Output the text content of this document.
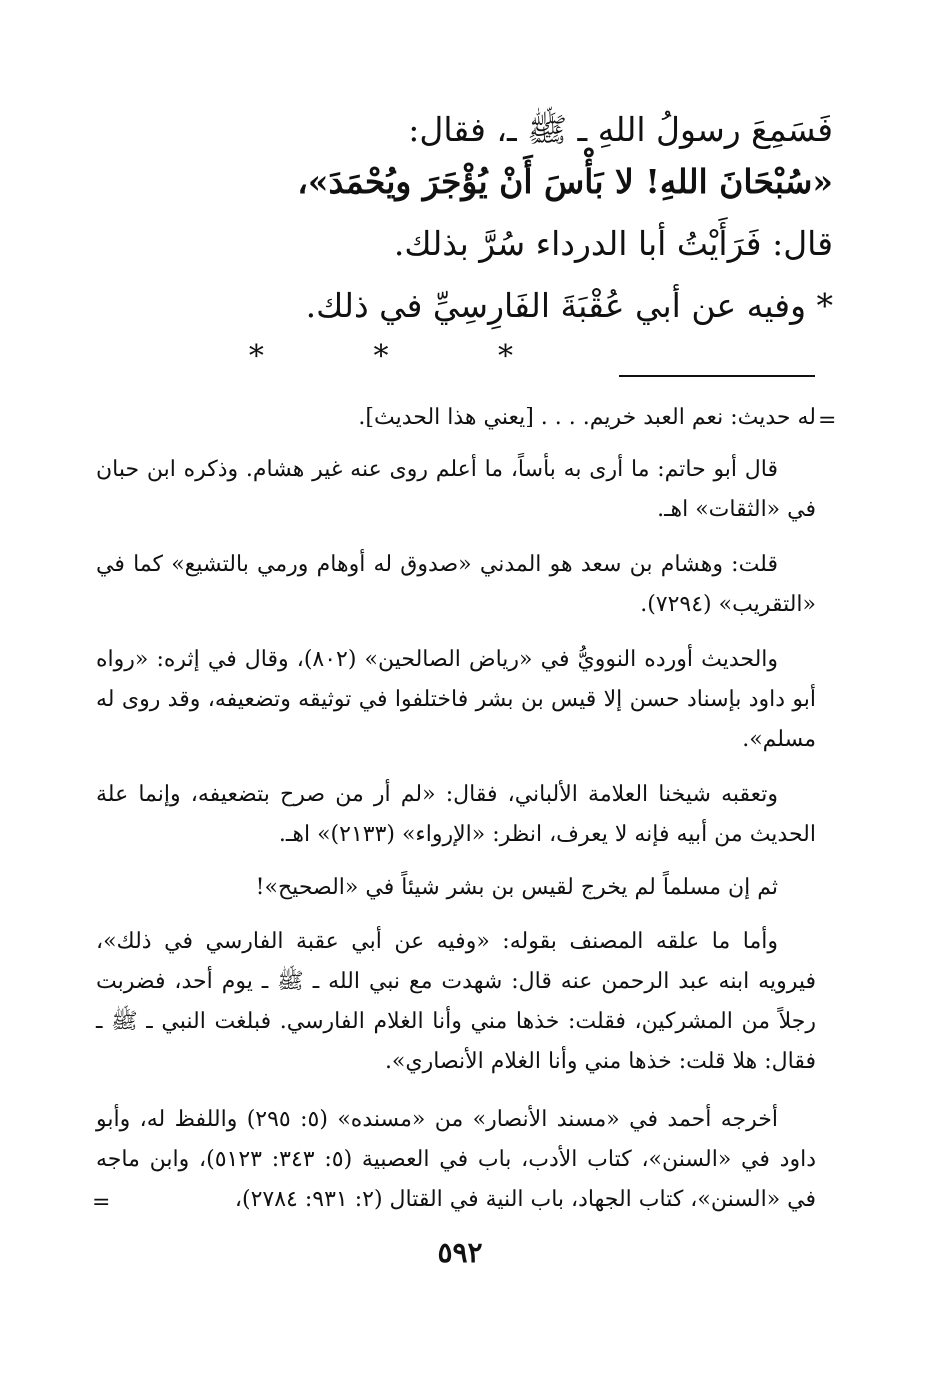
فَسَمِعَ رسولُ اللهِ ـ ﷺ ـ، فقال:
«سُبْحَانَ اللهِ! لا بَأْسَ أَنْ يُؤْجَرَ ويُحْمَدَ»،
قال: فَرَأَيْتُ أبا الدرداء سُرَّ بذلك.
* وفيه عن أبي عُقْبَةَ الفَارِسِيِّ في ذلك.
* * *
=
له حديث: نعم العبد خريم. . . . [يعني هذا الحديث].
قال أبو حاتم: ما أرى به بأساً، ما أعلم روى عنه غير هشام. وذكره ابن حبان في «الثقات» اهـ.
قلت: وهشام بن سعد هو المدني «صدوق له أوهام ورمي بالتشيع» كما في «التقريب» (٧٢٩٤).
والحديث أورده النوويُّ في «رياض الصالحين» (٨٠٢)، وقال في إثره: «رواه أبو داود بإسناد حسن إلا قيس بن بشر فاختلفوا في توثيقه وتضعيفه، وقد روى له مسلم».
وتعقبه شيخنا العلامة الألباني، فقال: «لم أر من صرح بتضعيفه، وإنما علة الحديث من أبيه فإنه لا يعرف، انظر: «الإرواء» (٢١٣٣)» اهـ.
ثم إن مسلماً لم يخرج لقيس بن بشر شيئاً في «الصحيح»!
وأما ما علقه المصنف بقوله: «وفيه عن أبي عقبة الفارسي في ذلك»، فيرويه ابنه عبد الرحمن عنه قال: شهدت مع نبي الله ـ ﷺ ـ يوم أحد، فضربت رجلاً من المشركين، فقلت: خذها مني وأنا الغلام الفارسي. فبلغت النبي ـ ﷺ ـ فقال: هلا قلت: خذها مني وأنا الغلام الأنصاري».
أخرجه أحمد في «مسند الأنصار» من «مسنده» (٥: ٢٩٥) واللفظ له، وأبو داود في «السنن»، كتاب الأدب، باب في العصبية (٥: ٣٤٣: ٥١٢٣)، وابن ماجه في «السنن»، كتاب الجهاد، باب النية في القتال (٢: ٩٣١: ٢٧٨٤)،
=
٥٩٢
